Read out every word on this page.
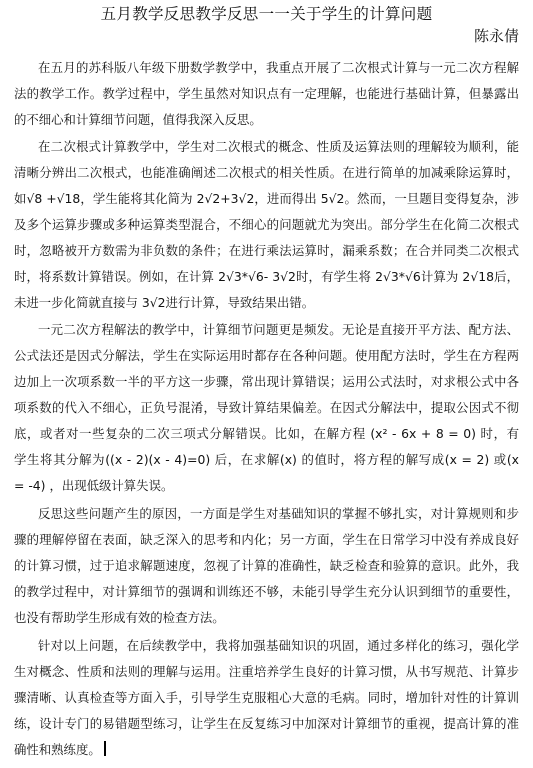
五月教学反思教学反思一一关于学生的计算问题
陈永倩
在五月的苏科版八年级下册数学教学中，我重点开展了二次根式计算与一元二次方程解
法的教学工作。教学过程中，学生虽然对知识点有一定理解，也能进行基础计算，但暴露出
的不细心和计算细节问题，值得我深入反思。
在二次根式计算教学中，学生对二次根式的概念、性质及运算法则的理解较为顺利，能
清晰分辨出二次根式，也能准确阐述二次根式的相关性质。在进行简单的加减乘除运算时，
如√8 +√18，学生能将其化简为 2√2+3√2，进而得出 5√2。然而，一旦题目变得复杂，涉
及多个运算步骤或多种运算类型混合，不细心的问题就尤为突出。部分学生在化简二次根式
时，忽略被开方数需为非负数的条件；在进行乘法运算时，漏乘系数；在合并同类二次根式
时，将系数计算错误。例如，在计算 2√3*√6- 3√2时，有学生将 2√3*√6计算为 2√18后，
未进一步化简就直接与 3√2进行计算，导致结果出错。
一元二次方程解法的教学中，计算细节问题更是频发。无论是直接开平方法、配方法、
公式法还是因式分解法，学生在实际运用时都存在各种问题。使用配方法时，学生在方程两
边加上一次项系数一半的平方这一步骤，常出现计算错误；运用公式法时，对求根公式中各
项系数的代入不细心，正负号混淆，导致计算结果偏差。在因式分解法中，提取公因式不彻
底，或者对一些复杂的二次三项式分解错误。比如，在解方程 (x² - 6x + 8 = 0) 时，有
学生将其分解为((x - 2)(x - 4)=0) 后，在求解(x) 的值时，将方程的解写成(x = 2) 或(x
= -4) ，出现低级计算失误。
反思这些问题产生的原因，一方面是学生对基础知识的掌握不够扎实，对计算规则和步
骤的理解停留在表面，缺乏深入的思考和内化；另一方面，学生在日常学习中没有养成良好
的计算习惯，过于追求解题速度，忽视了计算的准确性，缺乏检查和验算的意识。此外，我
的教学过程中，对计算细节的强调和训练还不够，未能引导学生充分认识到细节的重要性，
也没有帮助学生形成有效的检查方法。
针对以上问题，在后续教学中，我将加强基础知识的巩固，通过多样化的练习，强化学
生对概念、性质和法则的理解与运用。注重培养学生良好的计算习惯，从书写规范、计算步
骤清晰、认真检查等方面入手，引导学生克服粗心大意的毛病。同时，增加针对性的计算训
练，设计专门的易错题型练习，让学生在反复练习中加深对计算细节的重视，提高计算的准
确性和熟练度。
